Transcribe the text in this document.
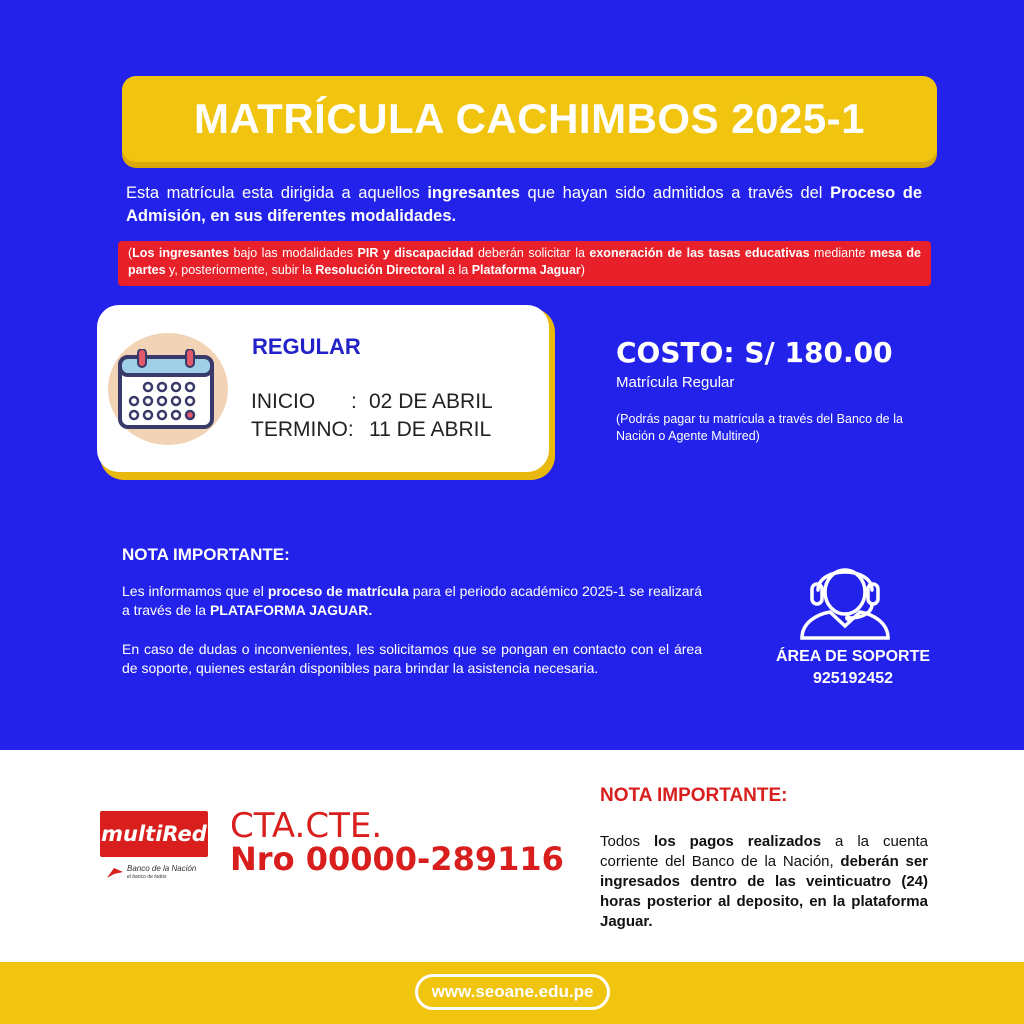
MATRÍCULA CACHIMBOS 2025-1

Esta matrícula esta dirigida a aquellos ingresantes que hayan sido admitidos a través del Proceso de Admisión, en sus diferentes modalidades.

(Los ingresantes bajo las modalidades PIR y discapacidad deberán solicitar la exoneración de las tasas educativas mediante mesa de partes y, posteriormente, subir la Resolución Directoral a la Plataforma Jaguar)

REGULAR
INICIO	: 02 DE ABRIL
TERMINO: 11 DE ABRIL
COSTO: S/ 180.00
Matrícula Regular
(Podrás pagar tu matrícula a través del Banco de la Nación o Agente Multired)
NOTA IMPORTANTE:

Les informamos que el proceso de matrícula para el periodo académico 2025-1 se realizará a través de la PLATAFORMA JAGUAR.

En caso de dudas o inconvenientes, les solicitamos que se pongan en contacto con el área de soporte, quienes estarán disponibles para brindar la asistencia necesaria.

ÁREA DE SOPORTE
925192452
multiRed
Banco de la Nación
el banco de todos
CTA.CTE.
Nro 00000-289116
NOTA IMPORTANTE:

Todos los pagos realizados a la cuenta corriente del Banco de la Nación, deberán ser ingresados dentro de las veinticuatro (24) horas posterior al deposito, en la plataforma Jaguar.

www.seoane.edu.pe
